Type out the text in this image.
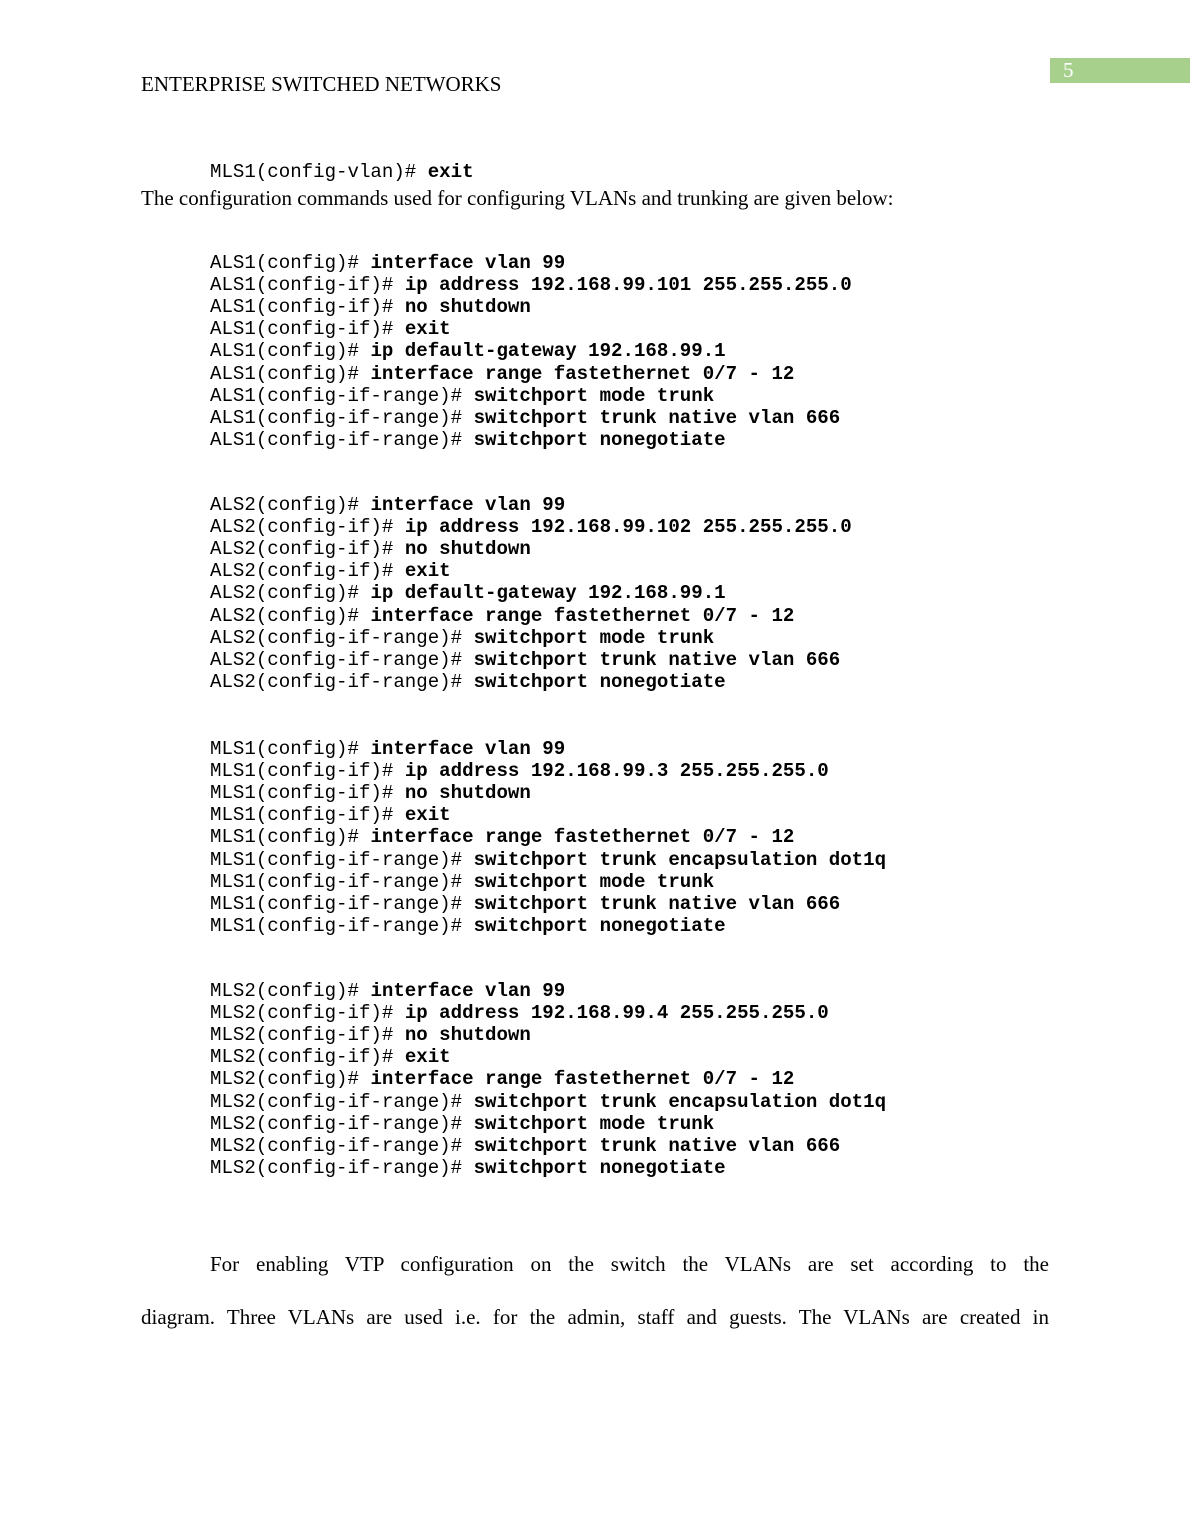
5
ENTERPRISE SWITCHED NETWORKS
MLS1(config-vlan)# exit
The configuration commands used for configuring VLANs and trunking are given below:
ALS1(config)# interface vlan 99
ALS1(config-if)# ip address 192.168.99.101 255.255.255.0
ALS1(config-if)# no shutdown
ALS1(config-if)# exit
ALS1(config)# ip default-gateway 192.168.99.1
ALS1(config)# interface range fastethernet 0/7 - 12
ALS1(config-if-range)# switchport mode trunk
ALS1(config-if-range)# switchport trunk native vlan 666
ALS1(config-if-range)# switchport nonegotiate
ALS2(config)# interface vlan 99
ALS2(config-if)# ip address 192.168.99.102 255.255.255.0
ALS2(config-if)# no shutdown
ALS2(config-if)# exit
ALS2(config)# ip default-gateway 192.168.99.1
ALS2(config)# interface range fastethernet 0/7 - 12
ALS2(config-if-range)# switchport mode trunk
ALS2(config-if-range)# switchport trunk native vlan 666
ALS2(config-if-range)# switchport nonegotiate
MLS1(config)# interface vlan 99
MLS1(config-if)# ip address 192.168.99.3 255.255.255.0
MLS1(config-if)# no shutdown
MLS1(config-if)# exit
MLS1(config)# interface range fastethernet 0/7 - 12
MLS1(config-if-range)# switchport trunk encapsulation dot1q
MLS1(config-if-range)# switchport mode trunk
MLS1(config-if-range)# switchport trunk native vlan 666
MLS1(config-if-range)# switchport nonegotiate
MLS2(config)# interface vlan 99
MLS2(config-if)# ip address 192.168.99.4 255.255.255.0
MLS2(config-if)# no shutdown
MLS2(config-if)# exit
MLS2(config)# interface range fastethernet 0/7 - 12
MLS2(config-if-range)# switchport trunk encapsulation dot1q
MLS2(config-if-range)# switchport mode trunk
MLS2(config-if-range)# switchport trunk native vlan 666
MLS2(config-if-range)# switchport nonegotiate
For enabling VTP configuration on the switch the VLANs are set according to the
diagram. Three VLANs are used i.e. for the admin, staff and guests. The VLANs are created in
